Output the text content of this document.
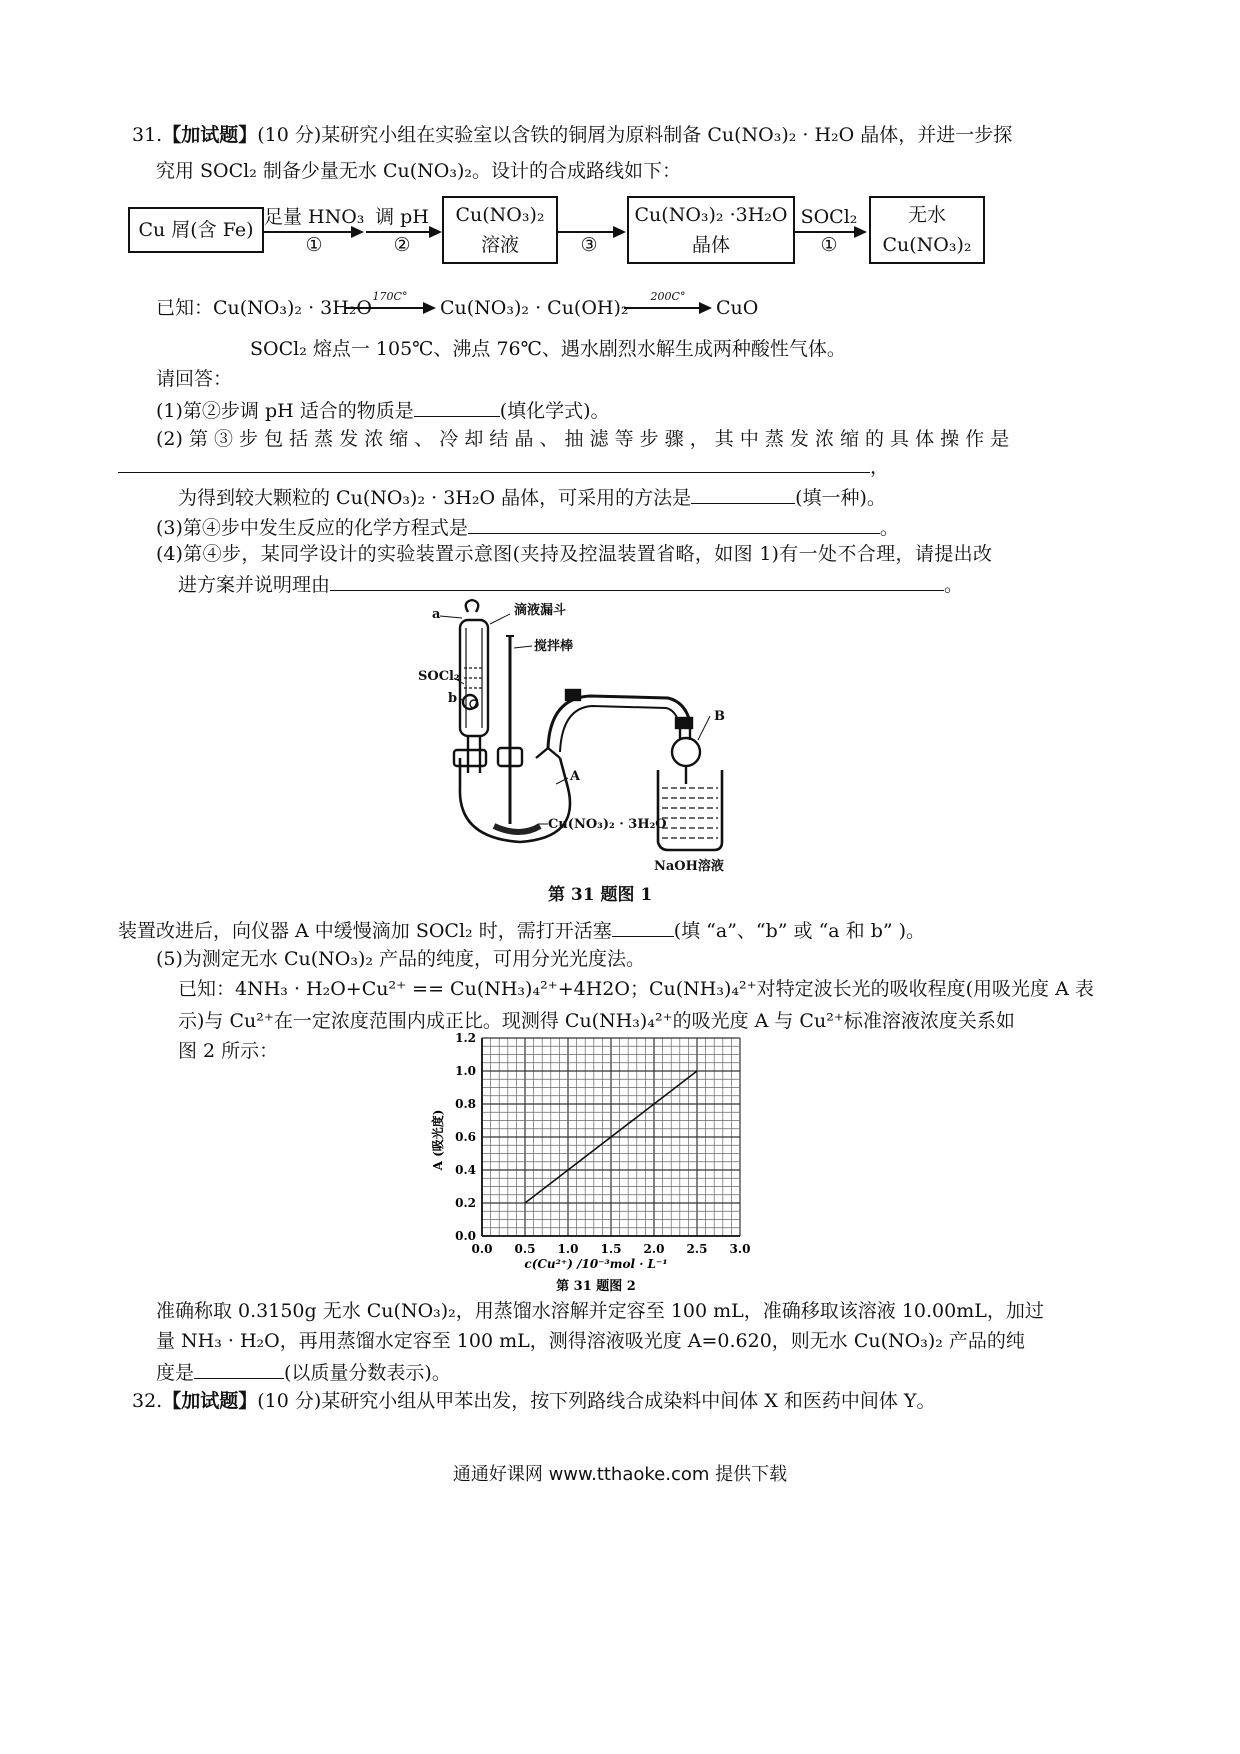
31.【加试题】(10 分)某研究小组在实验室以含铁的铜屑为原料制备 Cu(NO₃)₂ · H₂O 晶体，并进一步探
究用 SOCl₂ 制备少量无水 Cu(NO₃)₂。设计的合成路线如下：
Cu 屑(含 Fe)
足量 HNO₃
①
调 pH
②
Cu(NO₃)₂
溶液	③
Cu(NO₃)₂ ·3H₂O
晶体
SOCl₂
①
无水
Cu(NO₃)₂
已知： Cu(NO₃)₂ · 3H₂O
170C°
Cu(NO₃)₂ · Cu(OH)₂
200C°
CuO
SOCl₂ 熔点一 105℃、沸点 76℃、遇水剧烈水解生成两种酸性气体。
请回答：
(1)第②步调 pH 适合的物质是	(填化学式)。
(2) 第 ③ 步 包 括 蒸 发 浓 缩 、 冷 却 结 晶 、 抽 滤 等 步 骤 ， 其 中 蒸 发 浓 缩 的 具 体 操 作 是
，
为得到较大颗粒的 Cu(NO₃)₂ · 3H₂O 晶体，可采用的方法是	(填一种)。
(3)第④步中发生反应的化学方程式是	。
(4)第④步，某同学设计的实验装置示意图(夹持及控温装置省略，如图 1)有一处不合理，请提出改
进方案并说明理由	。
a	滴液漏斗
搅拌棒
SOCl₂
b
A
Cu(NO₃)₂ · 3H₂O
B
NaOH溶液
第 31 题图 1
装置改进后，向仪器 A 中缓慢滴加 SOCl₂ 时，需打开活塞	(填 “a”、“b” 或 “a 和 b” )。
(5)为测定无水 Cu(NO₃)₂ 产品的纯度，可用分光光度法。
已知：4NH₃ · H₂O+Cu²⁺ == Cu(NH₃)₄²⁺+4H2O；Cu(NH₃)₄²⁺对特定波长光的吸收程度(用吸光度 A 表
示)与 Cu²⁺在一定浓度范围内成正比。现测得 Cu(NH₃)₄²⁺的吸光度 A 与 Cu²⁺标准溶液浓度关系如
图 2 所示：
0.0 0.5 1.0 1.5 2.0 2.5 3.0
0.0
0.2
0.4
0.6
0.8
1.0
1.2
A (吸光度)
c(Cu²⁺) /10⁻³mol · L⁻¹
第 31 题图 2
准确称取 0.3150g 无水 Cu(NO₃)₂，用蒸馏水溶解并定容至 100 mL，准确移取该溶液 10.00mL，加过
量 NH₃ · H₂O，再用蒸馏水定容至 100 mL，测得溶液吸光度 A=0.620，则无水 Cu(NO₃)₂ 产品的纯
度是	(以质量分数表示)。
32.【加试题】(10 分)某研究小组从甲苯出发，按下列路线合成染料中间体 X 和医药中间体 Y。
通通好课网 www.tthaoke.com 提供下载
